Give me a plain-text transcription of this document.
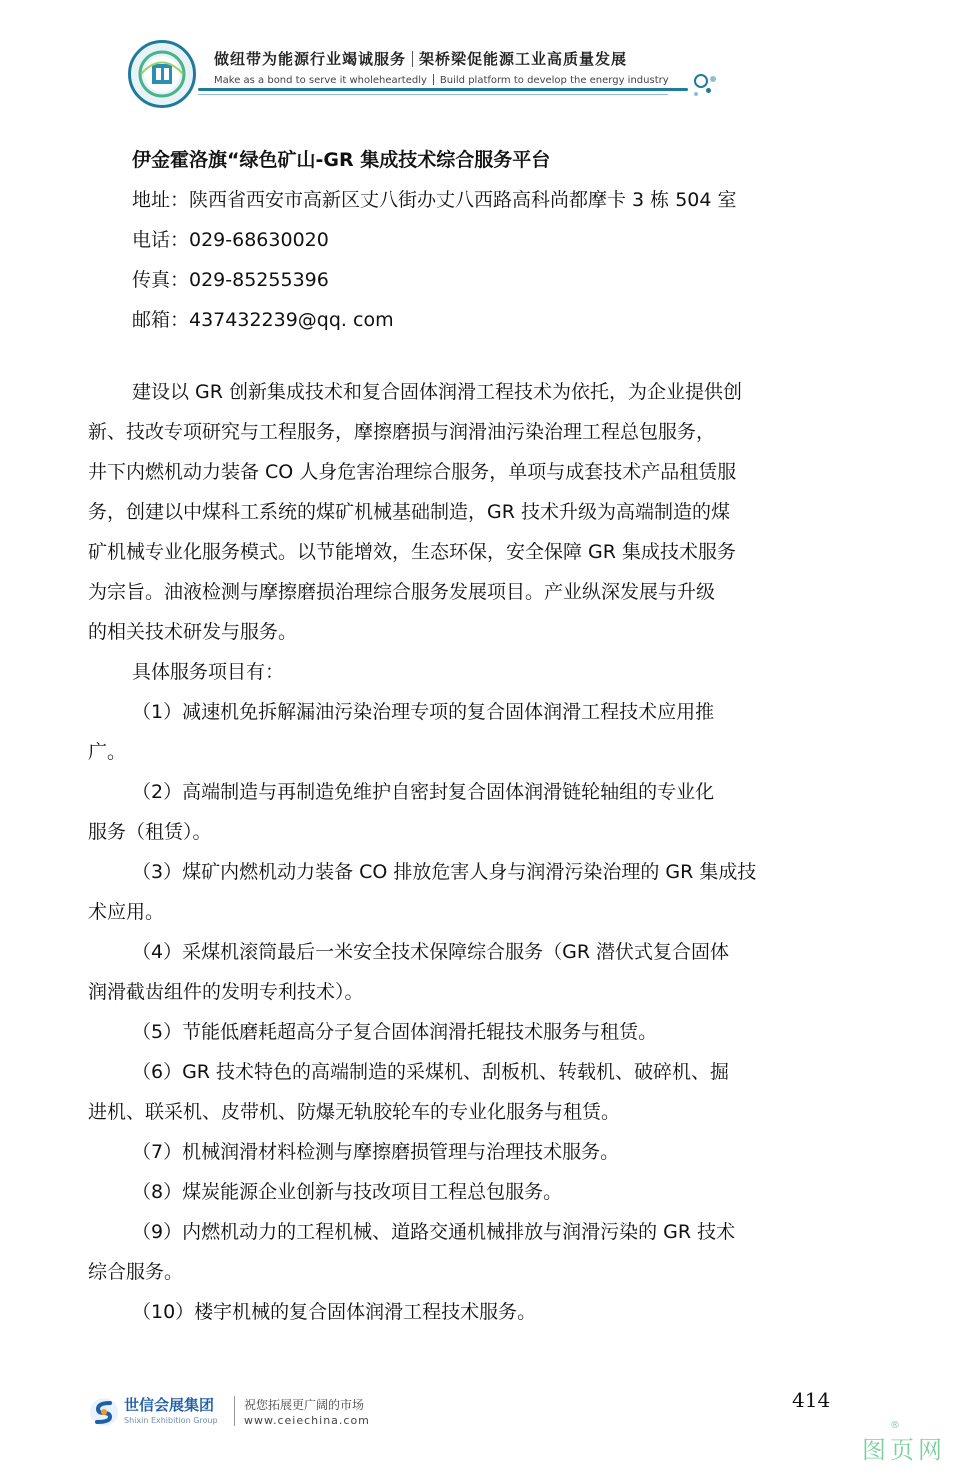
做纽带为能源行业竭诚服务 架桥梁促能源工业高质量发展
Make as a bond to serve it wholeheartedly Build platform to develop the energy industry
伊金霍洛旗“绿色矿山-GR 集成技术综合服务平台
地址：陕西省西安市高新区丈八街办丈八西路高科尚都摩卡 3 栋 504 室
电话：029-68630020
传真：029-85255396
邮箱：437432239@qq. com

建设以 GR 创新集成技术和复合固体润滑工程技术为依托，为企业提供创

新、技改专项研究与工程服务，摩擦磨损与润滑油污染治理工程总包服务，

井下内燃机动力装备 CO 人身危害治理综合服务，单项与成套技术产品租赁服

务，创建以中煤科工系统的煤矿机械基础制造，GR 技术升级为高端制造的煤

矿机械专业化服务模式。以节能增效，生态环保，安全保障 GR 集成技术服务

为宗旨。油液检测与摩擦磨损治理综合服务发展项目。产业纵深发展与升级

的相关技术研发与服务。

具体服务项目有：

（1）减速机免拆解漏油污染治理专项的复合固体润滑工程技术应用推

广。

（2）高端制造与再制造免维护自密封复合固体润滑链轮轴组的专业化

服务（租赁）。

（3）煤矿内燃机动力装备 CO 排放危害人身与润滑污染治理的 GR 集成技

术应用。

（4）采煤机滚筒最后一米安全技术保障综合服务（GR 潜伏式复合固体

润滑截齿组件的发明专利技术）。

（5）节能低磨耗超高分子复合固体润滑托辊技术服务与租赁。

（6）GR 技术特色的高端制造的采煤机、刮板机、转载机、破碎机、掘

进机、联采机、皮带机、防爆无轨胶轮车的专业化服务与租赁。

（7）机械润滑材料检测与摩擦磨损管理与治理技术服务。

（8）煤炭能源企业创新与技改项目工程总包服务。

（9）内燃机动力的工程机械、道路交通机械排放与润滑污染的 GR 技术

综合服务。

（10）楼宇机械的复合固体润滑工程技术服务。

世信会展集团
Shixin Exhibition Group
祝您拓展更广阔的市场
www.ceiechina.com
414
®
图页网
